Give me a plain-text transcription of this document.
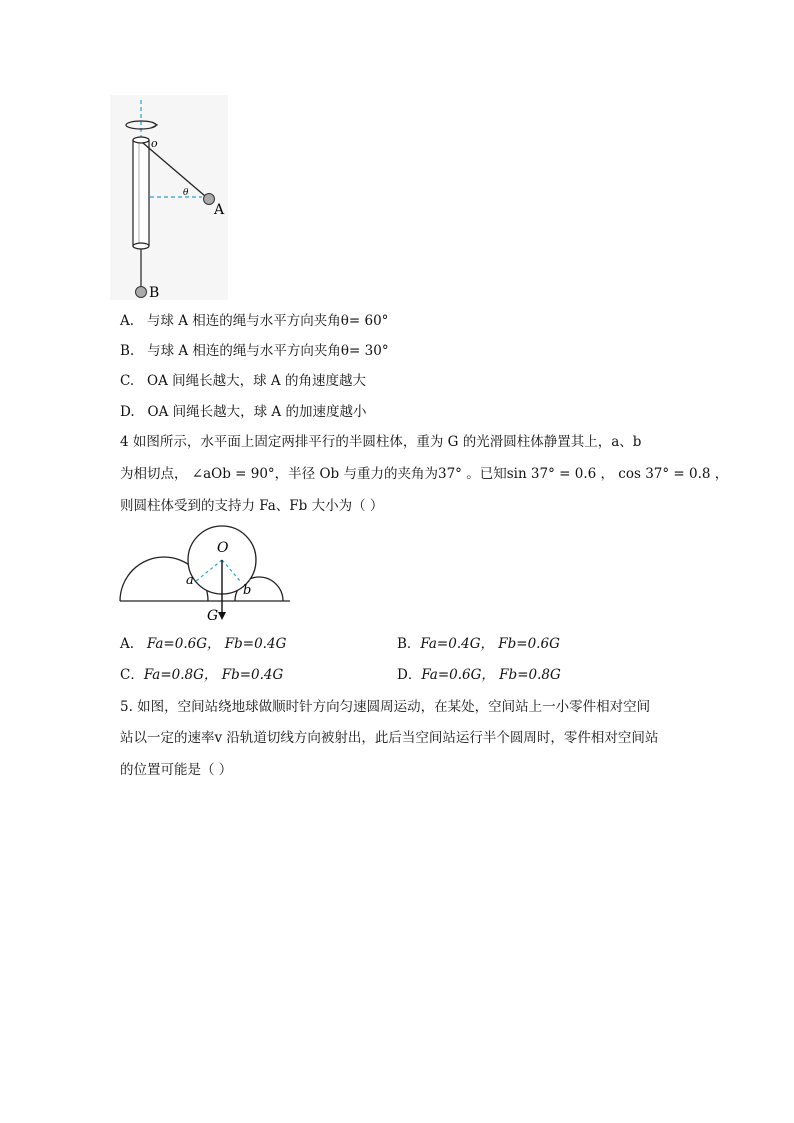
o
θ
A
B
A. 与球 A 相连的绳与水平方向夹角θ= 60°
B. 与球 A 相连的绳与水平方向夹角θ= 30°
C. OA 间绳长越大，球 A 的角速度越大
D. OA 间绳长越大，球 A 的加速度越小
4 如图所示，水平面上固定两排平行的半圆柱体，重为 G 的光滑圆柱体静置其上，a、b
为相切点， ∠aOb = 90°，半径 Ob 与重力的夹角为37° 。已知sin 37° = 0.6 ， cos 37° = 0.8 ，
则圆柱体受到的支持力 Fa、Fb 大小为（ ）
O
a
b
G
A. Fa=0.6G， Fb=0.4G	B．Fa=0.4G， Fb=0.6G
C．Fa=0.8G， Fb=0.4G	D．Fa=0.6G， Fb=0.8G
5. 如图，空间站绕地球做顺时针方向匀速圆周运动，在某处，空间站上一小零件相对空间
站以一定的速率v 沿轨道切线方向被射出，此后当空间站运行半个圆周时，零件相对空间站
的位置可能是（ ）
